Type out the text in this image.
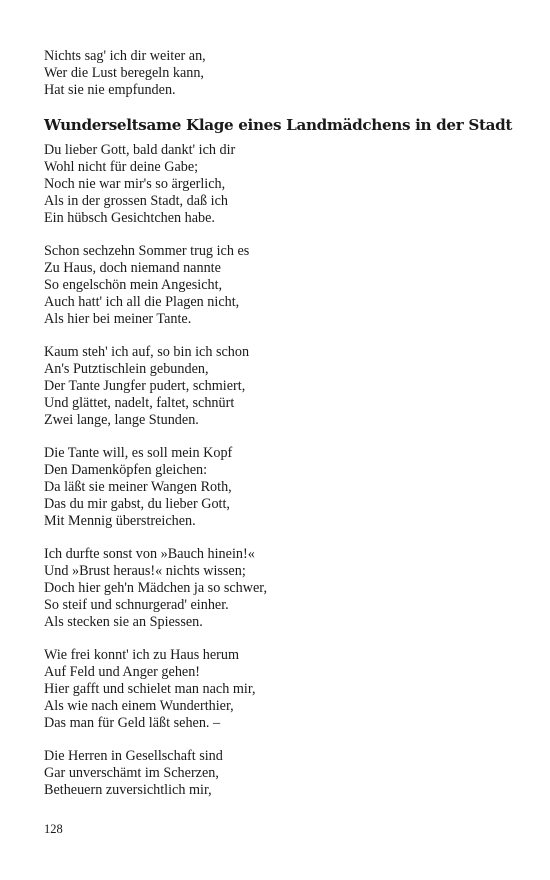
Nichts sag' ich dir weiter an,
Wer die Lust beregeln kann,
Hat sie nie empfunden.
Wunderseltsame Klage eines Landmädchens in der Stadt
Du lieber Gott, bald dankt' ich dir
Wohl nicht für deine Gabe;
Noch nie war mir's so ärgerlich,
Als in der grossen Stadt, daß ich
Ein hübsch Gesichtchen habe.
Schon sechzehn Sommer trug ich es
Zu Haus, doch niemand nannte
So engelschön mein Angesicht,
Auch hatt' ich all die Plagen nicht,
Als hier bei meiner Tante.
Kaum steh' ich auf, so bin ich schon
An's Putztischlein gebunden,
Der Tante Jungfer pudert, schmiert,
Und glättet, nadelt, faltet, schnürt
Zwei lange, lange Stunden.
Die Tante will, es soll mein Kopf
Den Damenköpfen gleichen:
Da läßt sie meiner Wangen Roth,
Das du mir gabst, du lieber Gott,
Mit Mennig überstreichen.
Ich durfte sonst von »Bauch hinein!«
Und »Brust heraus!« nichts wissen;
Doch hier geh'n Mädchen ja so schwer,
So steif und schnurgerad' einher.
Als stecken sie an Spiessen.
Wie frei konnt' ich zu Haus herum
Auf Feld und Anger gehen!
Hier gafft und schielet man nach mir,
Als wie nach einem Wunderthier,
Das man für Geld läßt sehen. –
Die Herren in Gesellschaft sind
Gar unverschämt im Scherzen,
Betheuern zuversichtlich mir,
128
